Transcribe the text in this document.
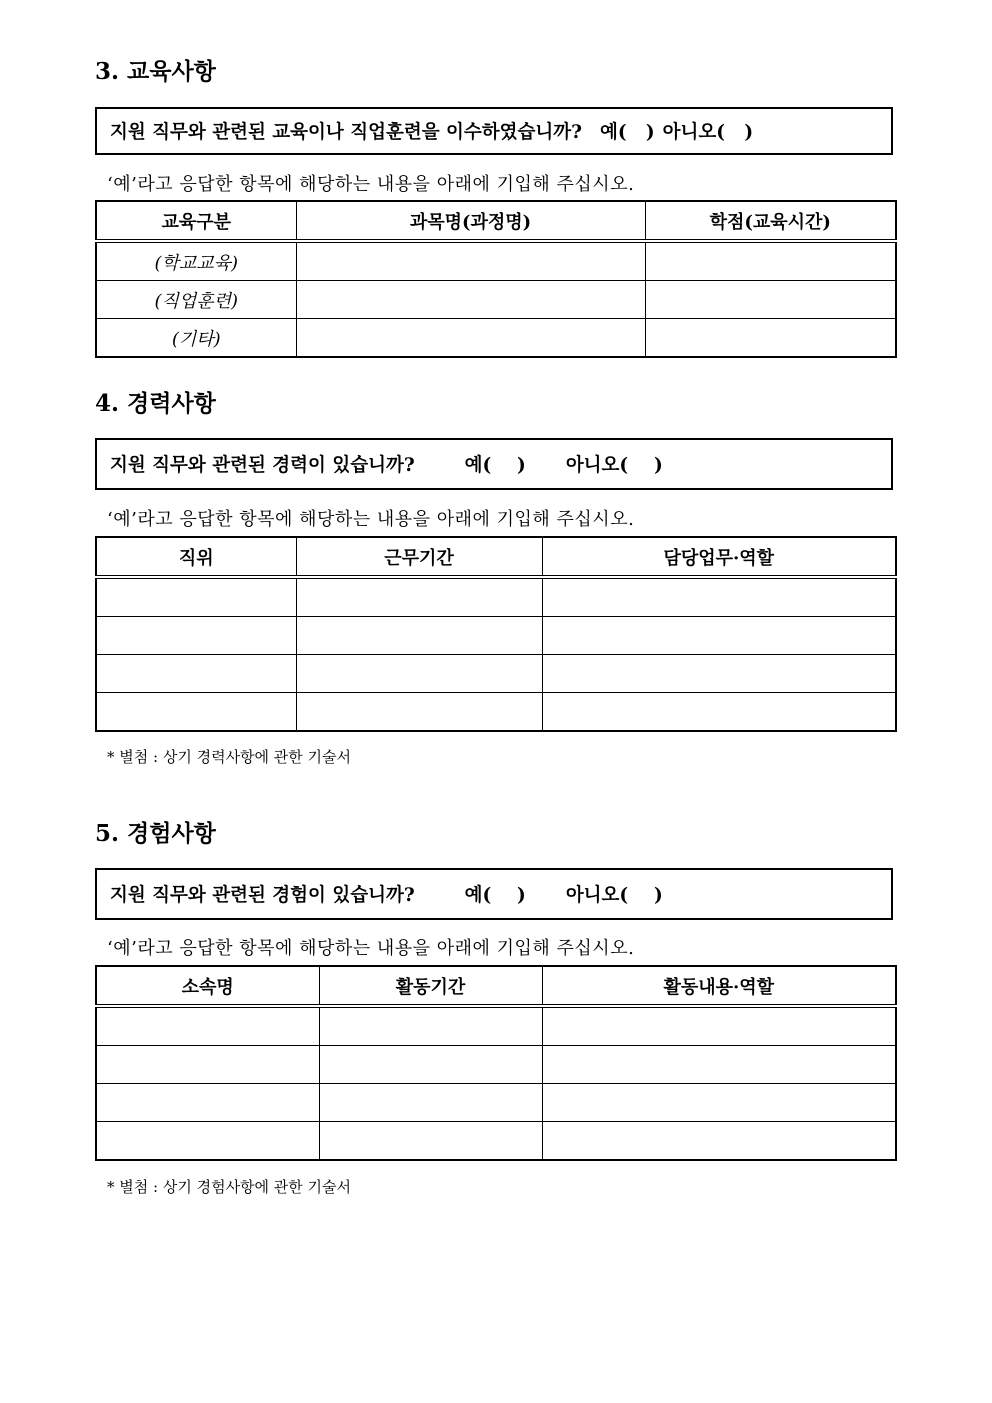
3. 교육사항
지원 직무와 관련된 교육이나 직업훈련을 이수하였습니까? 예(   ) 아니오(   )
‘예’라고 응답한 항목에 해당하는 내용을 아래에 기입해 주십시오.
교육구분	과목명(과정명)	학점(교육시간)
(학교교육)		
(직업훈련)		
(기타)		
4. 경력사항
지원 직무와 관련된 경력이 있습니까?	예(    ) 아니오(    )
‘예’라고 응답한 항목에 해당하는 내용을 아래에 기입해 주십시오.
직위	근무기간	담당업무·역할

* 별첨 : 상기 경력사항에 관한 기술서
5. 경험사항
지원 직무와 관련된 경험이 있습니까?	예(    ) 아니오(    )
‘예’라고 응답한 항목에 해당하는 내용을 아래에 기입해 주십시오.
소속명	활동기간	활동내용·역할

* 별첨 : 상기 경험사항에 관한 기술서
